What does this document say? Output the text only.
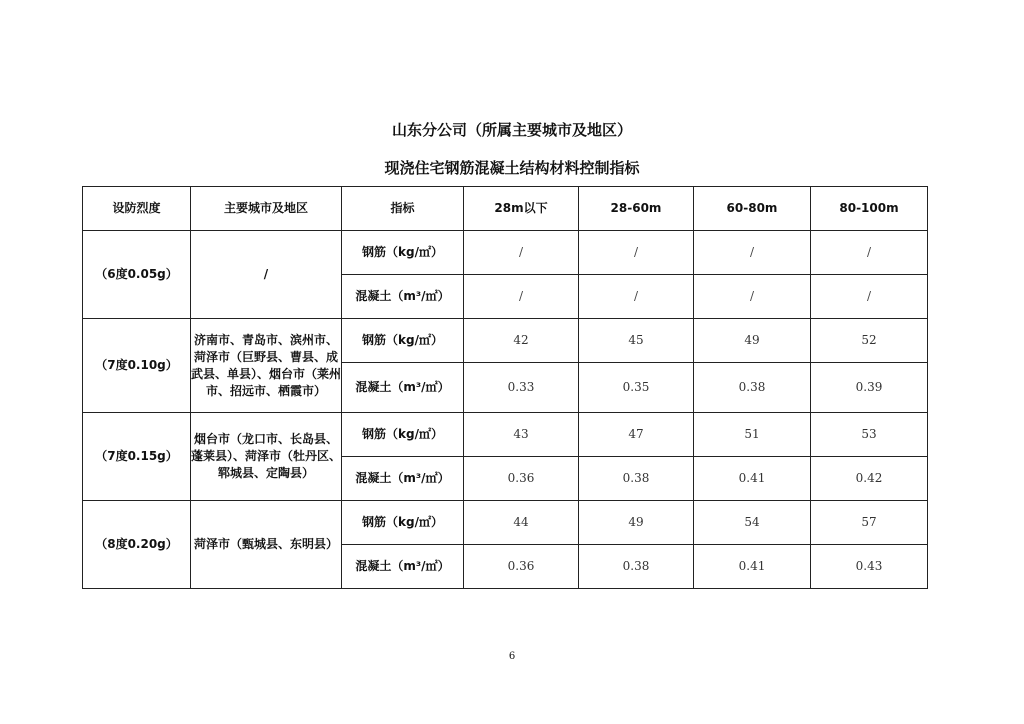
山东分公司（所属主要城市及地区）
现浇住宅钢筋混凝土结构材料控制指标
设防烈度	主要城市及地区	指标	28m以下	28-60m	60-80m	80-100m
（6度0.05g）	/	钢筋（kg/㎡）	/	/	/	/
		混凝土（m³/㎡）	/	/	/	/
（7度0.10g）	济南市、青岛市、滨州市、菏泽市（巨野县、曹县、成武县、单县）、烟台市（莱州市、招远市、栖霞市）	钢筋（kg/㎡）	42	45	49	52
		混凝土（m³/㎡）	0.33	0.35	0.38	0.39
（7度0.15g）	烟台市（龙口市、长岛县、蓬莱县）、菏泽市（牡丹区、郓城县、定陶县）	钢筋（kg/㎡）	43	47	51	53
		混凝土（m³/㎡）	0.36	0.38	0.41	0.42
（8度0.20g）	菏泽市（甄城县、东明县）	钢筋（kg/㎡）	44	49	54	57
		混凝土（m³/㎡）	0.36	0.38	0.41	0.43
6
